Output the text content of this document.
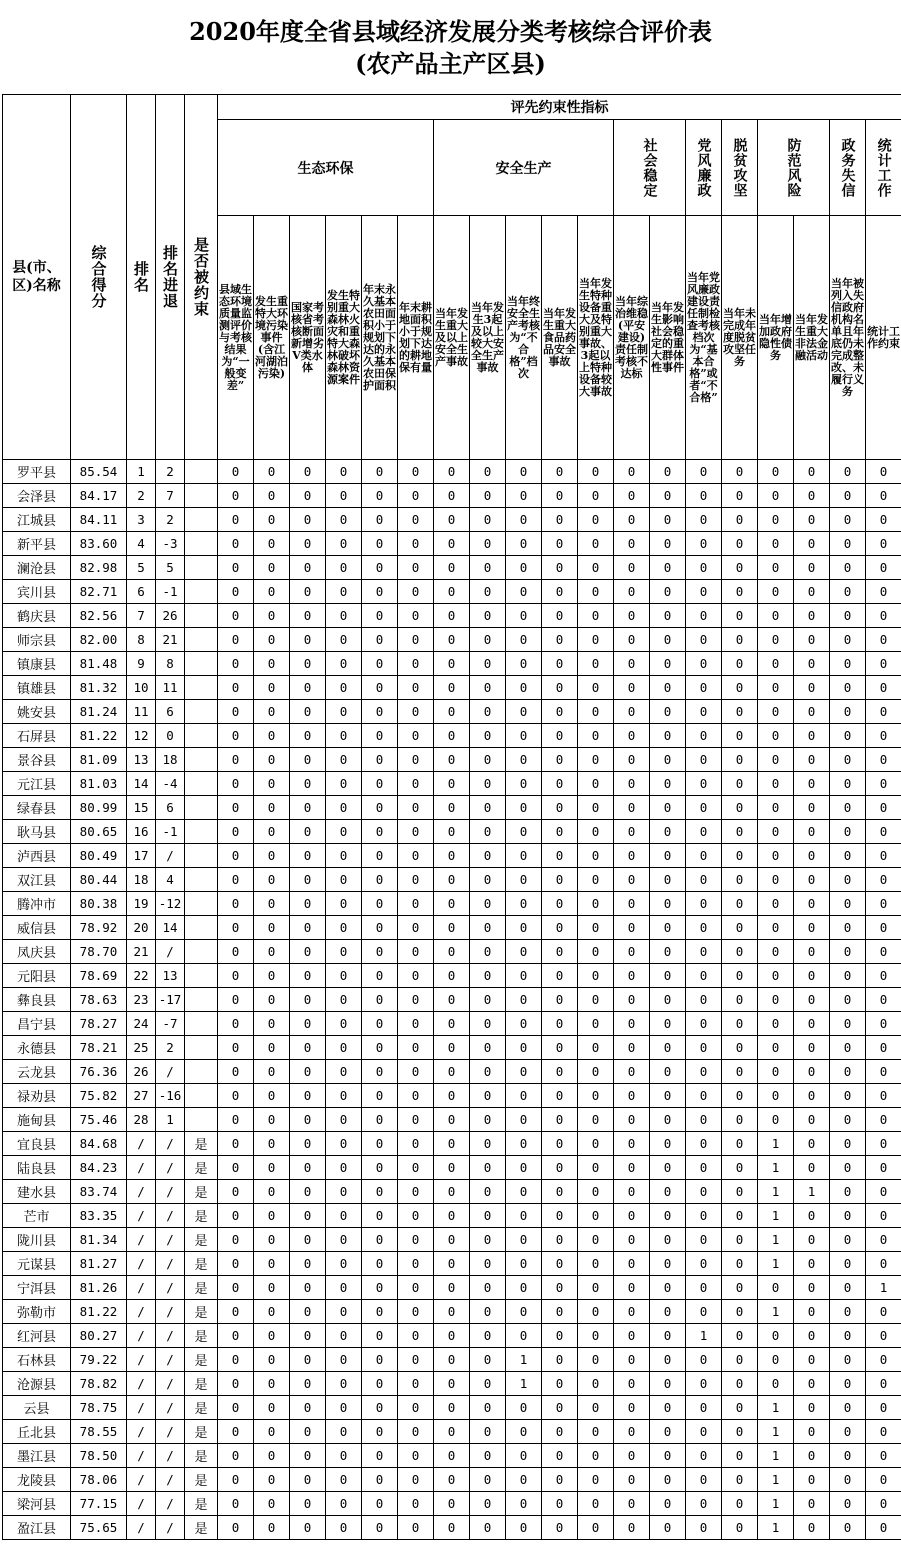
2020年度全省县域经济发展分类考核综合评价表
(农产品主产区县)
县(市、区)名称	综合得分	排名	排名进退	是否被约束	评先约束性指标																		
					生态环保						安全生产					社会稳定		党风廉政	脱贫攻坚	防范风险		政务失信	统计工作

					县域生态环境质量监测评价与考核结果为“一般变差”	发生重特大环境污染事件(含江河湖泊污染)	国家考核省考核断面新增劣Ⅴ类水体	发生特别重大森林火灾和重特大森林破坏森林资源案件	年末永久基本农田面积小于规划下达的永久基本农田保护面积	年末耕地面积小于规划下达的耕地保有量	当年发生重大及以上安全生产事故	当年发生3起及以上较大安全生产事故	当年终安全生产考核为“不合格”档次	当年发生重大食品药品安全事故	当年发生特种设备重大及特别重大事故、3起以上特种设备较大事故	当年综治维稳(平安建设)责任制考核不达标	当年发生影响社会稳定的重大群体性事件	当年党风廉政建设责任制检查考核档次为“基本合格”或者“不合格”	当年未完成年度脱贫攻坚任务	当年增加政府隐性债务	当年发生重大非法金融活动	当年被列入失信政府机构名单且年底仍未完成整改、未履行义务	统计工作约束
罗平县	85.54	1	2		0	0	0	0	0	0	0	0	0	0	0	0	0	0	0	0	0	0	0
会泽县	84.17	2	7		0	0	0	0	0	0	0	0	0	0	0	0	0	0	0	0	0	0	0
江城县	84.11	3	2		0	0	0	0	0	0	0	0	0	0	0	0	0	0	0	0	0	0	0
新平县	83.60	4	-3		0	0	0	0	0	0	0	0	0	0	0	0	0	0	0	0	0	0	0
澜沧县	82.98	5	5		0	0	0	0	0	0	0	0	0	0	0	0	0	0	0	0	0	0	0
宾川县	82.71	6	-1		0	0	0	0	0	0	0	0	0	0	0	0	0	0	0	0	0	0	0
鹤庆县	82.56	7	26		0	0	0	0	0	0	0	0	0	0	0	0	0	0	0	0	0	0	0
师宗县	82.00	8	21		0	0	0	0	0	0	0	0	0	0	0	0	0	0	0	0	0	0	0
镇康县	81.48	9	8		0	0	0	0	0	0	0	0	0	0	0	0	0	0	0	0	0	0	0
镇雄县	81.32	10	11		0	0	0	0	0	0	0	0	0	0	0	0	0	0	0	0	0	0	0
姚安县	81.24	11	6		0	0	0	0	0	0	0	0	0	0	0	0	0	0	0	0	0	0	0
石屏县	81.22	12	0		0	0	0	0	0	0	0	0	0	0	0	0	0	0	0	0	0	0	0
景谷县	81.09	13	18		0	0	0	0	0	0	0	0	0	0	0	0	0	0	0	0	0	0	0
元江县	81.03	14	-4		0	0	0	0	0	0	0	0	0	0	0	0	0	0	0	0	0	0	0
绿春县	80.99	15	6		0	0	0	0	0	0	0	0	0	0	0	0	0	0	0	0	0	0	0
耿马县	80.65	16	-1		0	0	0	0	0	0	0	0	0	0	0	0	0	0	0	0	0	0	0
泸西县	80.49	17	/		0	0	0	0	0	0	0	0	0	0	0	0	0	0	0	0	0	0	0
双江县	80.44	18	4		0	0	0	0	0	0	0	0	0	0	0	0	0	0	0	0	0	0	0
腾冲市	80.38	19	-12		0	0	0	0	0	0	0	0	0	0	0	0	0	0	0	0	0	0	0
威信县	78.92	20	14		0	0	0	0	0	0	0	0	0	0	0	0	0	0	0	0	0	0	0
凤庆县	78.70	21	/		0	0	0	0	0	0	0	0	0	0	0	0	0	0	0	0	0	0	0
元阳县	78.69	22	13		0	0	0	0	0	0	0	0	0	0	0	0	0	0	0	0	0	0	0
彝良县	78.63	23	-17		0	0	0	0	0	0	0	0	0	0	0	0	0	0	0	0	0	0	0
昌宁县	78.27	24	-7		0	0	0	0	0	0	0	0	0	0	0	0	0	0	0	0	0	0	0
永德县	78.21	25	2		0	0	0	0	0	0	0	0	0	0	0	0	0	0	0	0	0	0	0
云龙县	76.36	26	/		0	0	0	0	0	0	0	0	0	0	0	0	0	0	0	0	0	0	0
禄劝县	75.82	27	-16		0	0	0	0	0	0	0	0	0	0	0	0	0	0	0	0	0	0	0
施甸县	75.46	28	1		0	0	0	0	0	0	0	0	0	0	0	0	0	0	0	0	0	0	0
宜良县	84.68	/	/	是	0	0	0	0	0	0	0	0	0	0	0	0	0	0	0	1	0	0	0
陆良县	84.23	/	/	是	0	0	0	0	0	0	0	0	0	0	0	0	0	0	0	1	0	0	0
建水县	83.74	/	/	是	0	0	0	0	0	0	0	0	0	0	0	0	0	0	0	1	1	0	0
芒市	83.35	/	/	是	0	0	0	0	0	0	0	0	0	0	0	0	0	0	0	1	0	0	0
陇川县	81.34	/	/	是	0	0	0	0	0	0	0	0	0	0	0	0	0	0	0	1	0	0	0
元谋县	81.27	/	/	是	0	0	0	0	0	0	0	0	0	0	0	0	0	0	0	1	0	0	0
宁洱县	81.26	/	/	是	0	0	0	0	0	0	0	0	0	0	0	0	0	0	0	0	0	0	1
弥勒市	81.22	/	/	是	0	0	0	0	0	0	0	0	0	0	0	0	0	0	0	1	0	0	0
红河县	80.27	/	/	是	0	0	0	0	0	0	0	0	0	0	0	0	0	1	0	0	0	0	0
石林县	79.22	/	/	是	0	0	0	0	0	0	0	0	1	0	0	0	0	0	0	0	0	0	0
沧源县	78.82	/	/	是	0	0	0	0	0	0	0	0	1	0	0	0	0	0	0	0	0	0	0
云县	78.75	/	/	是	0	0	0	0	0	0	0	0	0	0	0	0	0	0	0	1	0	0	0
丘北县	78.55	/	/	是	0	0	0	0	0	0	0	0	0	0	0	0	0	0	0	1	0	0	0
墨江县	78.50	/	/	是	0	0	0	0	0	0	0	0	0	0	0	0	0	0	0	1	0	0	0
龙陵县	78.06	/	/	是	0	0	0	0	0	0	0	0	0	0	0	0	0	0	0	1	0	0	0
梁河县	77.15	/	/	是	0	0	0	0	0	0	0	0	0	0	0	0	0	0	0	1	0	0	0
盈江县	75.65	/	/	是	0	0	0	0	0	0	0	0	0	0	0	0	0	0	0	1	0	0	0
